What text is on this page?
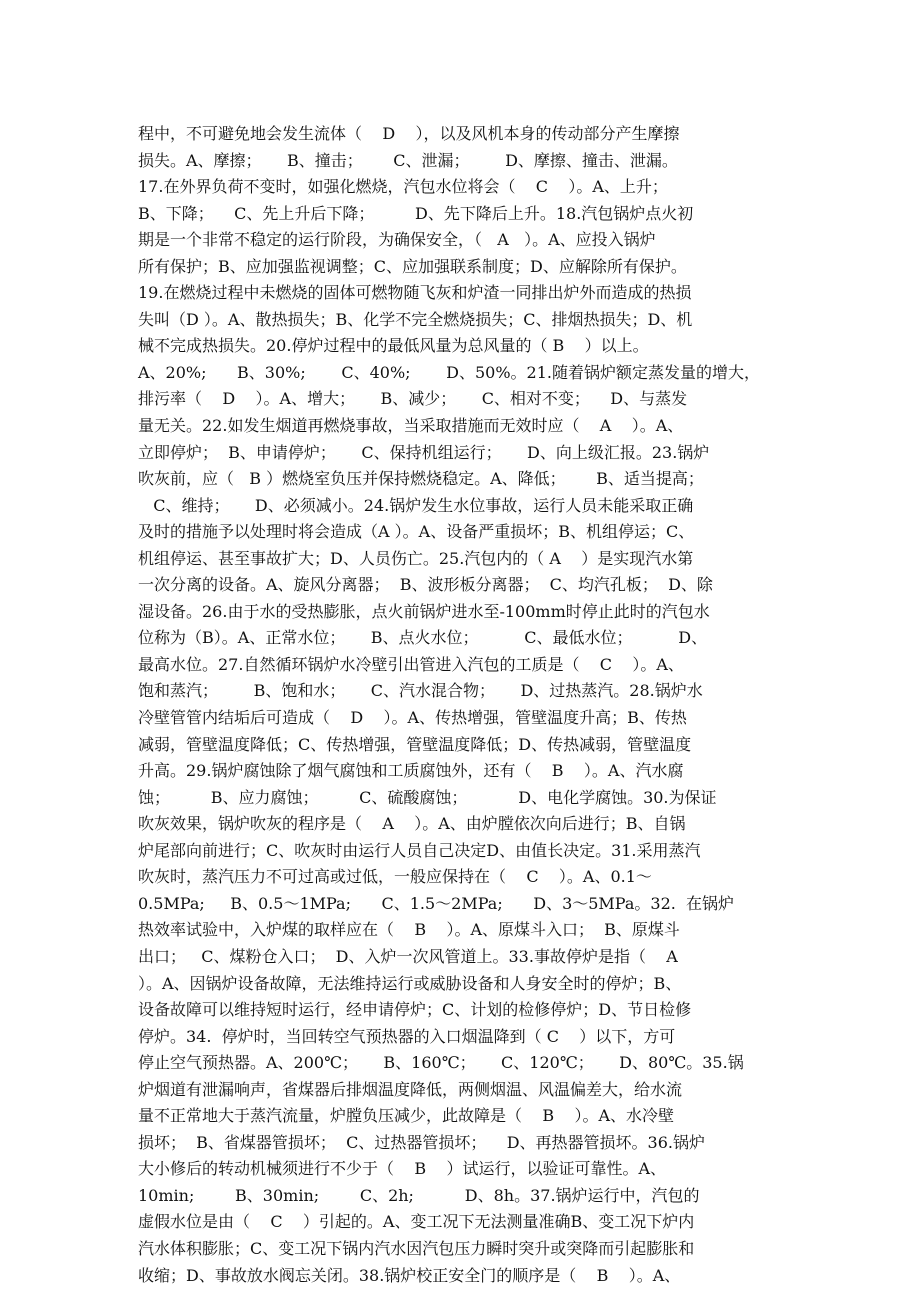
程中，不可避免地会发生流体（    D    ），以及风机本身的传动部分产生摩擦
损失。A、摩擦；     B、撞击；      C、泄漏；       D、摩擦、撞击、泄漏。
17.在外界负荷不变时，如强化燃烧，汽包水位将会（    C    ）。A、上升；
B、下降；    C、先上升后下降；        D、先下降后上升。18.汽包锅炉点火初
期是一个非常不稳定的运行阶段，为确保安全，（   A   ）。A、应投入锅炉
所有保护；B、应加强监视调整；C、应加强联系制度；D、应解除所有保护。
19.在燃烧过程中未燃烧的固体可燃物随飞灰和炉渣一同排出炉外而造成的热损
失叫（D ）。A、散热损失；B、化学不完全燃烧损失；C、排烟热损失；D、机
械不完成热损失。20.停炉过程中的最低风量为总风量的（ B    ）以上。
A、20%;      B、30%;       C、40%;       D、50%。21.随着锅炉额定蒸发量的增大，
排污率（    D    ）。A、增大；     B、减少；     C、相对不变；    D、与蒸发
量无关。22.如发生烟道再燃烧事故，当采取措施而无效时应（    A    ）。A、
立即停炉；  B、申请停炉；     C、保持机组运行；     D、向上级汇报。23.锅炉
吹灰前，应（   B ）燃烧室负压并保持燃烧稳定。A、降低；      B、适当提高；
C、维持；     D、必须减小。24.锅炉发生水位事故，运行人员未能采取正确
及时的措施予以处理时将会造成（A ）。A、设备严重损坏；B、机组停运；C、
机组停运、甚至事故扩大；D、人员伤亡。25.汽包内的（ A    ）是实现汽水第
一次分离的设备。A、旋风分离器；  B、波形板分离器；  C、均汽孔板；  D、除
湿设备。26.由于水的受热膨胀，点火前锅炉进水至-100mm时停止此时的汽包水
位称为（B）。A、正常水位；     B、点火水位；         C、最低水位；         D、
最高水位。27.自然循环锅炉水冷壁引出管进入汽包的工质是（    C    ）。A、
饱和蒸汽；       B、饱和水；     C、汽水混合物；     D、过热蒸汽。28.锅炉水
冷壁管管内结垢后可造成（    D    ）。A、传热增强，管壁温度升高；B、传热
减弱，管壁温度降低；C、传热增强，管壁温度降低；D、传热减弱，管壁温度
升高。29.锅炉腐蚀除了烟气腐蚀和工质腐蚀外，还有（    B    ）。A、汽水腐
蚀；        B、应力腐蚀；        C、硫酸腐蚀；          D、电化学腐蚀。30.为保证
吹灰效果，锅炉吹灰的程序是（    A    ）。A、由炉膛依次向后进行；B、自锅
炉尾部向前进行；C、吹灰时由运行人员自己决定D、由值长决定。31.采用蒸汽
吹灰时，蒸汽压力不可过高或过低，一般应保持在（    C    ）。A、0.1～
0.5MPa;     B、0.5～1MPa;      C、1.5～2MPa;      D、3～5MPa。32.  在锅炉
热效率试验中，入炉煤的取样应在（    B    ）。A、原煤斗入口；  B、原煤斗
出口；   C、煤粉仓入口；  D、入炉一次风管道上。33.事故停炉是指（    A
）。A、因锅炉设备故障，无法维持运行或威胁设备和人身安全时的停炉；B、
设备故障可以维持短时运行，经申请停炉；C、计划的检修停炉；D、节日检修
停炉。34.  停炉时，当回转空气预热器的入口烟温降到（ C    ）以下，方可
停止空气预热器。A、200℃；     B、160℃；     C、120℃；     D、80℃。35.锅
炉烟道有泄漏响声，省煤器后排烟温度降低，两侧烟温、风温偏差大，给水流
量不正常地大于蒸汽流量，炉膛负压减少，此故障是（    B    ）。A、水冷壁
损坏；  B、省煤器管损坏；  C、过热器管损坏；    D、再热器管损坏。36.锅炉
大小修后的转动机械须进行不少于（    B    ）试运行，以验证可靠性。A、
10min;        B、30min;        C、2h;          D、8h。37.锅炉运行中，汽包的
虚假水位是由（    C    ）引起的。A、变工况下无法测量准确B、变工况下炉内
汽水体积膨胀；C、变工况下锅内汽水因汽包压力瞬时突升或突降而引起膨胀和
收缩；D、事故放水阀忘关闭。38.锅炉校正安全门的顺序是（    B    ）。A、
